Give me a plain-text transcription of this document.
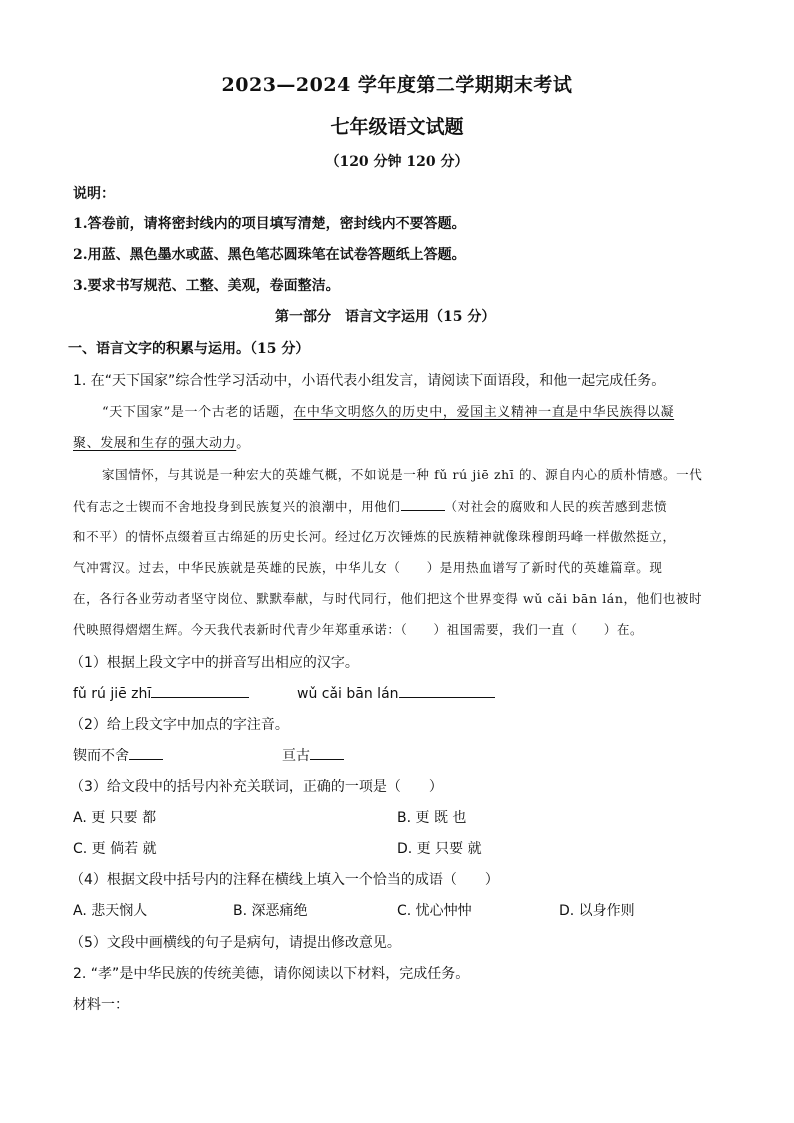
2023—2024 学年度第二学期期末考试
七年级语文试题
（120 分钟 120 分）
说明：
1.答卷前，请将密封线内的项目填写清楚，密封线内不要答题。
2.用蓝、黑色墨水或蓝、黑色笔芯圆珠笔在试卷答题纸上答题。
3.要求书写规范、工整、美观，卷面整洁。
第一部分　语言文字运用（15 分）
一、语言文字的积累与运用。（15 分）
1. 在“天下国家”综合性学习活动中，小语代表小组发言，请阅读下面语段，和他一起完成任务。
“天下国家”是一个古老的话题，在中华文明悠久的历史中，爱国主义精神一直是中华民族得以凝
聚、发展和生存的强大动力。
家国情怀，与其说是一种宏大的英雄气概，不如说是一种 fǔ rú jiē zhī 的、源自内心的质朴情感。一代
代有志之士锲而不舍地投身到民族复兴的浪潮中，用他们	（对社会的腐败和人民的疾苦感到悲愤
和不平）的情怀点缀着亘古绵延的历史长河。经过亿万次锤炼的民族精神就像珠穆朗玛峰一样傲然挺立，
气冲霄汉。过去，中华民族就是英雄的民族，中华儿女（　　）是用热血谱写了新时代的英雄篇章。现
在，各行各业劳动者坚守岗位、默默奉献，与时代同行，他们把这个世界变得 wǔ cǎi bān lán，他们也被时
代映照得熠熠生辉。今天我代表新时代青少年郑重承诺：（　　）祖国需要，我们一直（　　）在。
（1）根据上段文字中的拼音写出相应的汉字。
fǔ rú jiē zhī	wǔ cǎi bān lán
（2）给上段文字中加点的字注音。
锲而不舍	亘古
（3）给文段中的括号内补充关联词，正确的一项是（　　）
A. 更 只要 都	B. 更 既 也
C. 更 倘若 就	D. 更 只要 就
（4）根据文段中括号内的注释在横线上填入一个恰当的成语（　　）
A. 悲天悯人	B. 深恶痛绝	C. 忧心忡忡	D. 以身作则
（5）文段中画横线的句子是病句，请提出修改意见。
2. “孝”是中华民族的传统美德，请你阅读以下材料，完成任务。
材料一：
